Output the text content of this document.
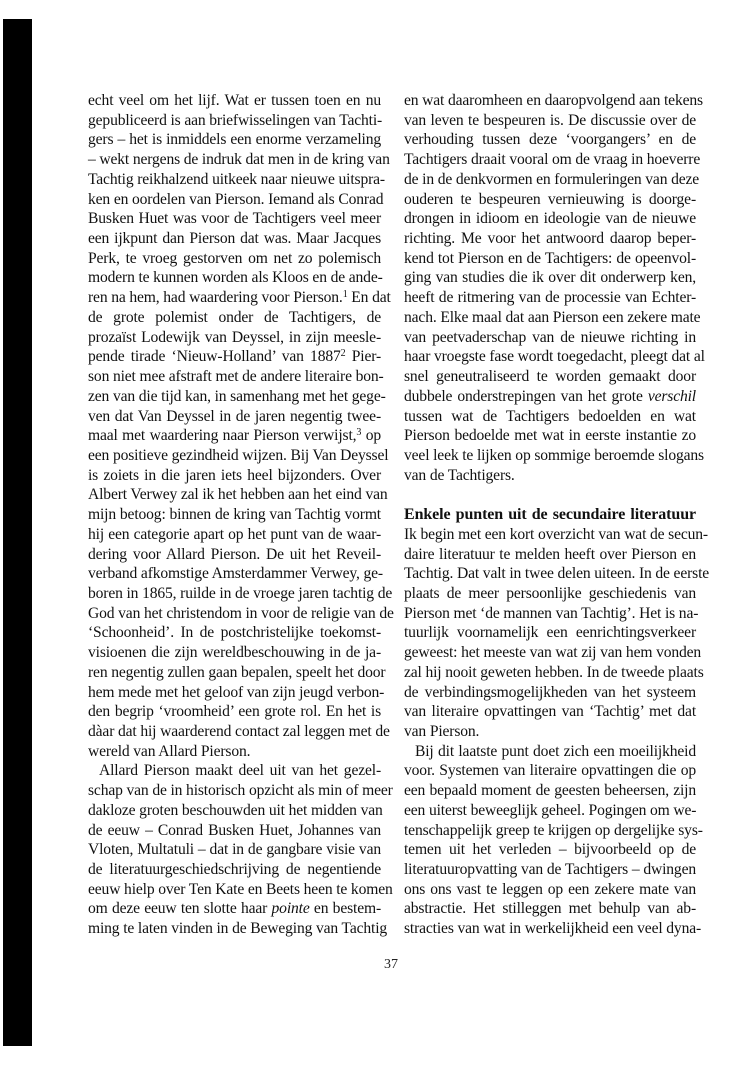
echt veel om het lijf. Wat er tussen toen en nu
gepubliceerd is aan briefwisselingen van Tachti-
gers – het is inmiddels een enorme verzameling
– wekt nergens de indruk dat men in de kring van
Tachtig reikhalzend uitkeek naar nieuwe uitspra-
ken en oordelen van Pierson. Iemand als Conrad
Busken Huet was voor de Tachtigers veel meer
een ijkpunt dan Pierson dat was. Maar Jacques
Perk, te vroeg gestorven om net zo polemisch
modern te kunnen worden als Kloos en de ande-
ren na hem, had waardering voor Pierson.$^1$ En dat
de grote polemist onder de Tachtigers, de
prozaïst Lodewijk van Deyssel, in zijn meesle-
pende tirade ‘Nieuw-Holland’ van 1887$^2$ Pier-
son niet mee afstraft met de andere literaire bon-
zen van die tijd kan, in samenhang met het gege-
ven dat Van Deyssel in de jaren negentig twee-
maal met waardering naar Pierson verwijst,$^3$ op
een positieve gezindheid wijzen. Bij Van Deyssel
is zoiets in die jaren iets heel bijzonders. Over
Albert Verwey zal ik het hebben aan het eind van
mijn betoog: binnen de kring van Tachtig vormt
hij een categorie apart op het punt van de waar-
dering voor Allard Pierson. De uit het Reveil-
verband afkomstige Amsterdammer Verwey, ge-
boren in 1865, ruilde in de vroege jaren tachtig de
God van het christendom in voor de religie van de
‘Schoonheid’. In de postchristelijke toekomst-
visioenen die zijn wereldbeschouwing in de ja-
ren negentig zullen gaan bepalen, speelt het door
hem mede met het geloof van zijn jeugd verbon-
den begrip ‘vroomheid’ een grote rol. En het is
dàar dat hij waarderend contact zal leggen met de
wereld van Allard Pierson.
Allard Pierson maakt deel uit van het gezel-
schap van de in historisch opzicht als min of meer
dakloze groten beschouwden uit het midden van
de eeuw – Conrad Busken Huet, Johannes van
Vloten, Multatuli – dat in de gangbare visie van
de literatuurgeschiedschrijving de negentiende
eeuw hielp over Ten Kate en Beets heen te komen
om deze eeuw ten slotte haar pointe en bestem-
ming te laten vinden in de Beweging van Tachtig
en wat daaromheen en daaropvolgend aan tekens
van leven te bespeuren is. De discussie over de
verhouding tussen deze ‘voorgangers’ en de
Tachtigers draait vooral om de vraag in hoeverre
de in de denkvormen en formuleringen van deze
ouderen te bespeuren vernieuwing is doorge-
drongen in idioom en ideologie van de nieuwe
richting. Me voor het antwoord daarop beper-
kend tot Pierson en de Tachtigers: de opeenvol-
ging van studies die ik over dit onderwerp ken,
heeft de ritmering van de processie van Echter-
nach. Elke maal dat aan Pierson een zekere mate
van peetvaderschap van de nieuwe richting in
haar vroegste fase wordt toegedacht, pleegt dat al
snel geneutraliseerd te worden gemaakt door
dubbele onderstrepingen van het grote verschil
tussen wat de Tachtigers bedoelden en wat
Pierson bedoelde met wat in eerste instantie zo
veel leek te lijken op sommige beroemde slogans
van de Tachtigers.
Enkele punten uit de secundaire literatuur
Ik begin met een kort overzicht van wat de secun-
daire literatuur te melden heeft over Pierson en
Tachtig. Dat valt in twee delen uiteen. In de eerste
plaats de meer persoonlijke geschiedenis van
Pierson met ‘de mannen van Tachtig’. Het is na-
tuurlijk voornamelijk een eenrichtingsverkeer
geweest: het meeste van wat zij van hem vonden
zal hij nooit geweten hebben. In de tweede plaats
de verbindingsmogelijkheden van het systeem
van literaire opvattingen van ‘Tachtig’ met dat
van Pierson.
Bij dit laatste punt doet zich een moeilijkheid
voor. Systemen van literaire opvattingen die op
een bepaald moment de geesten beheersen, zijn
een uiterst beweeglijk geheel. Pogingen om we-
tenschappelijk greep te krijgen op dergelijke sys-
temen uit het verleden – bijvoorbeeld op de
literatuuropvatting van de Tachtigers – dwingen
ons ons vast te leggen op een zekere mate van
abstractie. Het stilleggen met behulp van ab-
stracties van wat in werkelijkheid een veel dyna-
37
